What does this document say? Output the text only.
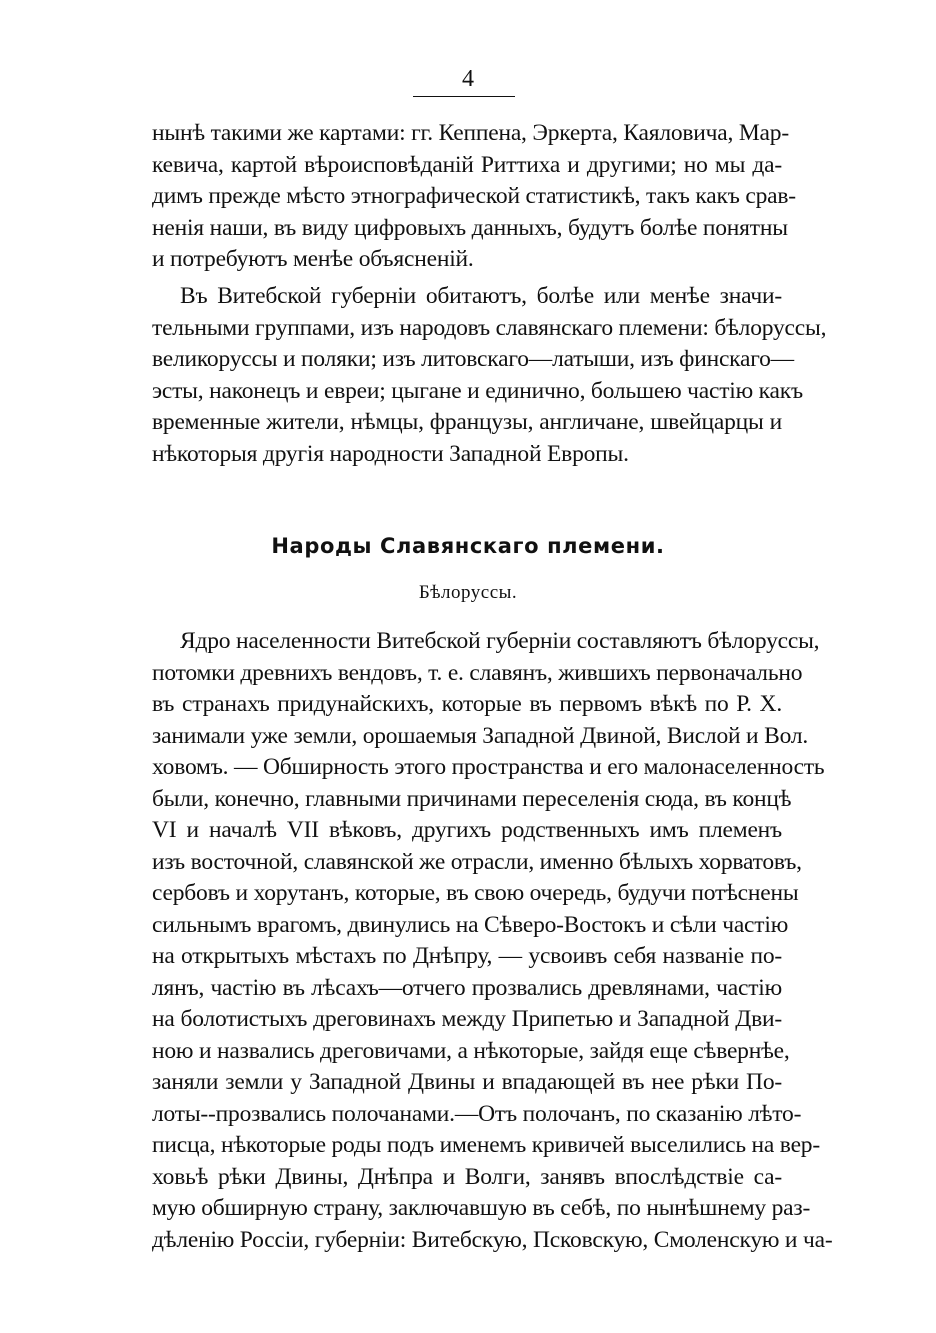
4
нынѣ такими же картами: гг. Кеппена, Эркерта, Каяловича, Мар-
кевича, картой вѣроисповѣданій Риттиха и другими; но мы да-
димъ прежде мѣсто этнографической статистикѣ, такъ какъ срав-
ненія наши, въ виду цифровыхъ данныхъ, будутъ болѣе понятны
и потребуютъ менѣе объясненій.
Въ Витебской губерніи обитаютъ, болѣе или менѣе значи-
тельными группами, изъ народовъ славянскаго племени: бѣлоруссы,
великоруссы и поляки; изъ литовскаго—латыши, изъ финскаго—
эсты, наконецъ и евреи; цыгане и единично, большею частію какъ
временные жители, нѣмцы, французы, англичане, швейцарцы и
нѣкоторыя другія народности Западной Европы.
Народы Славянскаго племени.
Бѣлоруссы.
Ядро населенности Витебской губерніи составляютъ бѣлоруссы,
потомки древнихъ вендовъ, т. е. славянъ, жившихъ первоначально
въ странахъ придунайскихъ, которые въ первомъ вѣкѣ по Р. X.
занимали уже земли, орошаемыя Западной Двиной, Вислой и Вол.
ховомъ. — Обширность этого пространства и его малонаселенность
были, конечно, главными причинами переселенія сюда, въ концѣ
VI и началѣ VII вѣковъ, другихъ родственныхъ имъ племенъ
изъ восточной, славянской же отрасли, именно бѣлыхъ хорватовъ,
сербовъ и хорутанъ, которые, въ свою очередь, будучи потѣснены
сильнымъ врагомъ, двинулись на Сѣверо-Востокъ и сѣли частію
на открытыхъ мѣстахъ по Днѣпру, — усвоивъ себя названіе по-
лянъ, частію въ лѣсахъ—отчего прозвались древлянами, частію
на болотистыхъ дреговинахъ между Припетью и Западной Дви-
ною и назвались дреговичами, а нѣкоторые, зайдя еще сѣвернѣе,
заняли земли у Западной Двины и впадающей въ нее рѣки По-
лоты--прозвались полочанами.—Отъ полочанъ, по сказанію лѣто-
писца, нѣкоторые роды подъ именемъ кривичей выселились на вер-
ховьѣ рѣки Двины, Днѣпра и Волги, занявъ впослѣдствіе са-
мую обширную страну, заключавшую въ себѣ, по нынѣшнему раз-
дѣленію Россіи, губерніи: Витебскую, Псковскую, Смоленскую и ча-
